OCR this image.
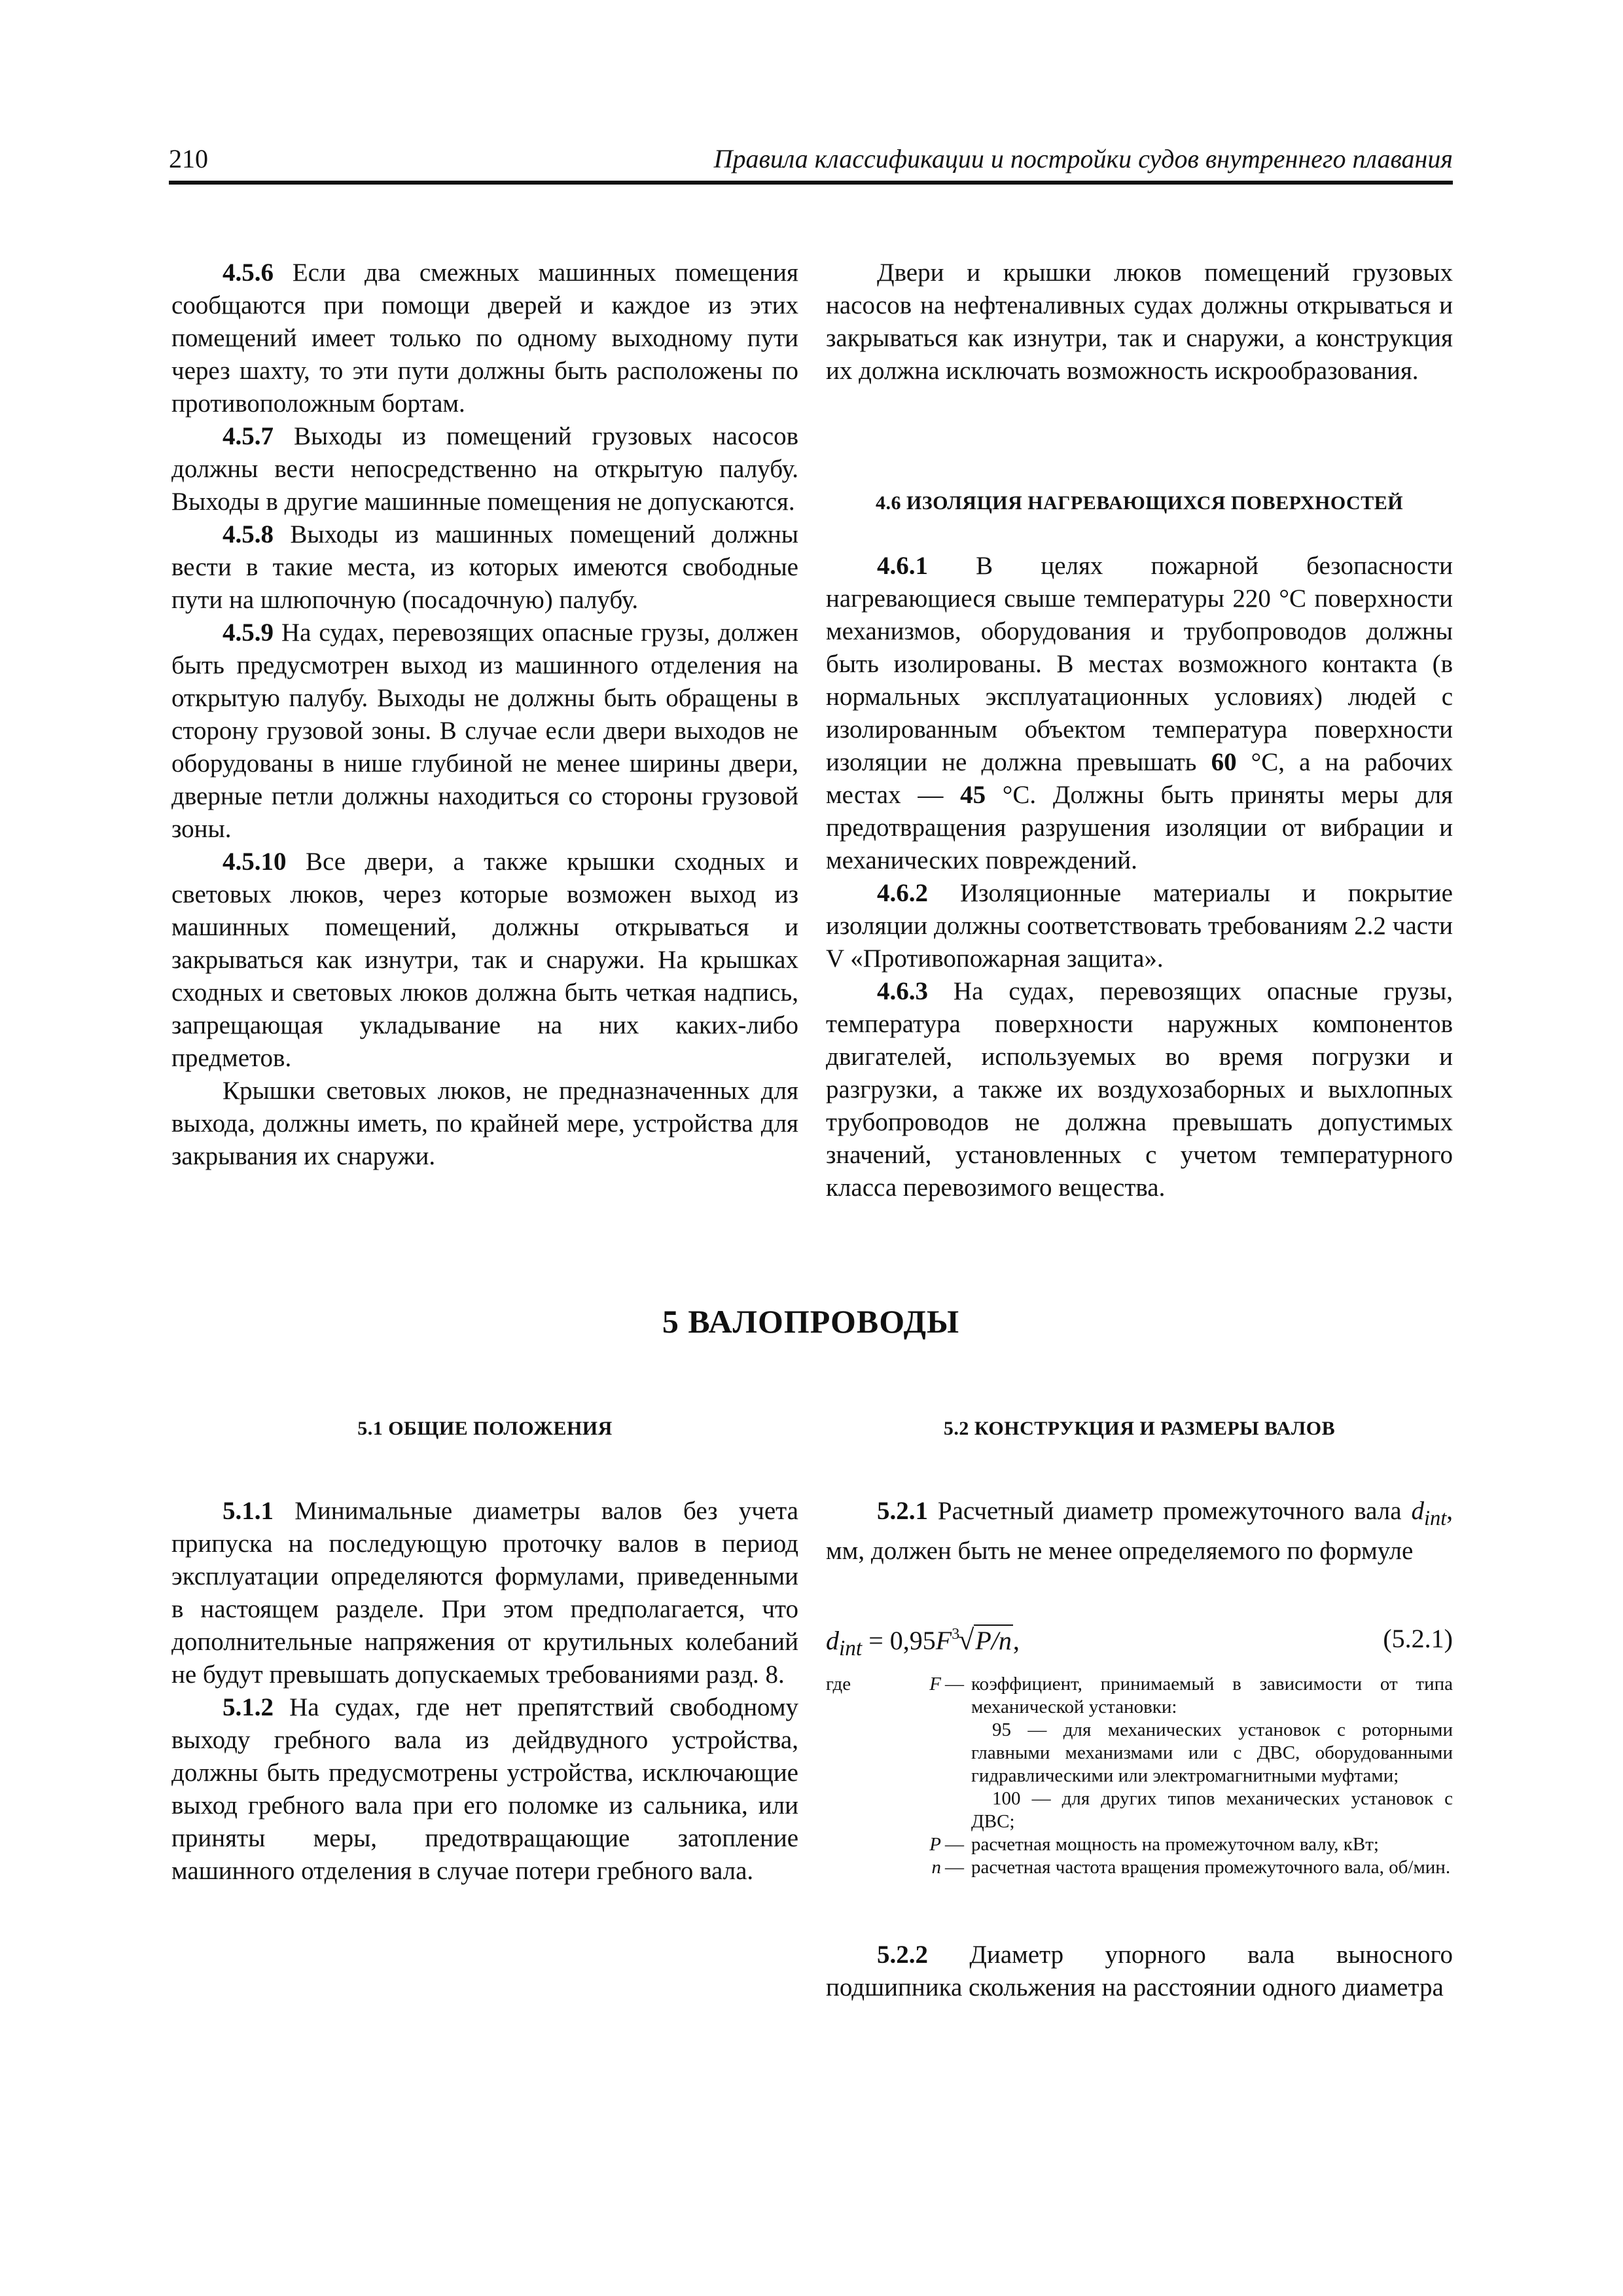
210	Правила классификации и постройки судов внутреннего плавания

4.5.6 Если два смежных машинных помещения сообщаются при помощи дверей и каждое из этих помещений имеет только по одному выходному пути через шахту, то эти пути должны быть расположены по противоположным бортам.

4.5.7 Выходы из помещений грузовых насосов должны вести непосредственно на открытую палубу. Выходы в другие машинные помещения не допускаются.

4.5.8 Выходы из машинных помещений должны вести в такие места, из которых имеются свободные пути на шлюпочную (посадочную) палубу.

4.5.9 На судах, перевозящих опасные грузы, должен быть предусмотрен выход из машинного отделения на открытую палубу. Выходы не должны быть обращены в сторону грузовой зоны. В случае если двери выходов не оборудованы в нише глубиной не менее ширины двери, дверные петли должны находиться со стороны грузовой зоны.

4.5.10 Все двери, а также крышки сходных и световых люков, через которые возможен выход из машинных помещений, должны открываться и закрываться как изнутри, так и снаружи. На крышках сходных и световых люков должна быть четкая надпись, запрещающая укладывание на них каких-либо предметов.

Крышки световых люков, не предназначенных для выхода, должны иметь, по крайней мере, устройства для закрывания их снаружи.

Двери и крышки люков помещений грузовых насосов на нефтеналивных судах должны открываться и закрываться как изнутри, так и снаружи, а конструкция их должна исключать возможность искрообразования.

4.6 ИЗОЛЯЦИЯ НАГРЕВАЮЩИХСЯ ПОВЕРХНОСТЕЙ

4.6.1 В целях пожарной безопасности нагревающиеся свыше температуры 220 °С поверхности механизмов, оборудования и трубопроводов должны быть изолированы. В местах возможного контакта (в нормальных эксплуатационных условиях) людей с изолированным объектом температура поверхности изоляции не должна превышать 60 °С, а на рабочих местах — 45 °С. Должны быть приняты меры для предотвращения разрушения изоляции от вибрации и механических повреждений.

4.6.2 Изоляционные материалы и покрытие изоляции должны соответствовать требованиям 2.2 части V «Противопожарная защита».

4.6.3 На судах, перевозящих опасные грузы, температура поверхности наружных компонентов двигателей, используемых во время погрузки и разгрузки, а также их воздухозаборных и выхлопных трубопроводов не должна превышать допустимых значений, установленных с учетом температурного класса перевозимого вещества.

5 ВАЛОПРОВОДЫ
5.1 ОБЩИЕ ПОЛОЖЕНИЯ

5.1.1 Минимальные диаметры валов без учета припуска на последующую проточку валов в период эксплуатации определяются формулами, приведенными в настоящем разделе. При этом предполагается, что дополнительные напряжения от крутильных колебаний не будут превышать допускаемых требованиями разд. 8.

5.1.2 На судах, где нет препятствий свободному выходу гребного вала из дейдвудного устройства, должны быть предусмотрены устройства, исключающие выход гребного вала при его поломке из сальника, или приняты меры, предотвращающие затопление машинного отделения в случае потери гребного вала.

5.2 КОНСТРУКЦИЯ И РАЗМЕРЫ ВАЛОВ

5.2.1 Расчетный диаметр промежуточного вала $d_{int}$, мм, должен быть не менее определяемого по формуле

$d_{int} = 0,95F^3√P/n$,	(5.2.1)
где	F — коэффициент, принимаемый в зависимости от типа механической установки:
95 — для механических установок с роторными главными механизмами или с ДВС, оборудованными гидравлическими или электромагнитными муфтами;
100 — для других типов механических установок с ДВС;
P — расчетная мощность на промежуточном валу, кВт;
n — расчетная частота вращения промежуточного вала, об/мин.

5.2.2 Диаметр упорного вала выносного подшипника скольжения на расстоянии одного диаметра
